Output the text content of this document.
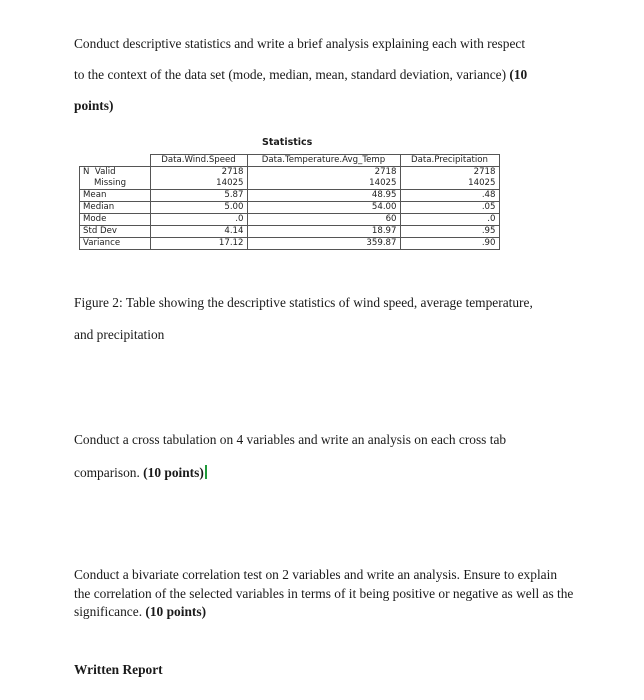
Conduct descriptive statistics and write a brief analysis explaining each with respect
to the context of the data set (mode, median, mean, standard deviation, variance) (10
points)

Statistics

	Data.Wind.Speed	Data.Temperature.Avg_Temp	Data.Precipitation
N Valid	2718	2718	2718
Missing	14025	14025	14025
Mean	5.87	48.95	.48
Median	5.00	54.00	.05
Mode	.0	60	.0
Std Dev	4.14	18.97	.95
Variance	17.12	359.87	.90

Figure 2: Table showing the descriptive statistics of wind speed, average temperature,
and precipitation

Conduct a cross tabulation on 4 variables and write an analysis on each cross tab
comparison. (10 points)

Conduct a bivariate correlation test on 2 variables and write an analysis. Ensure to explain the correlation of the selected variables in terms of it being positive or negative as well as the significance. (10 points)

Written Report
